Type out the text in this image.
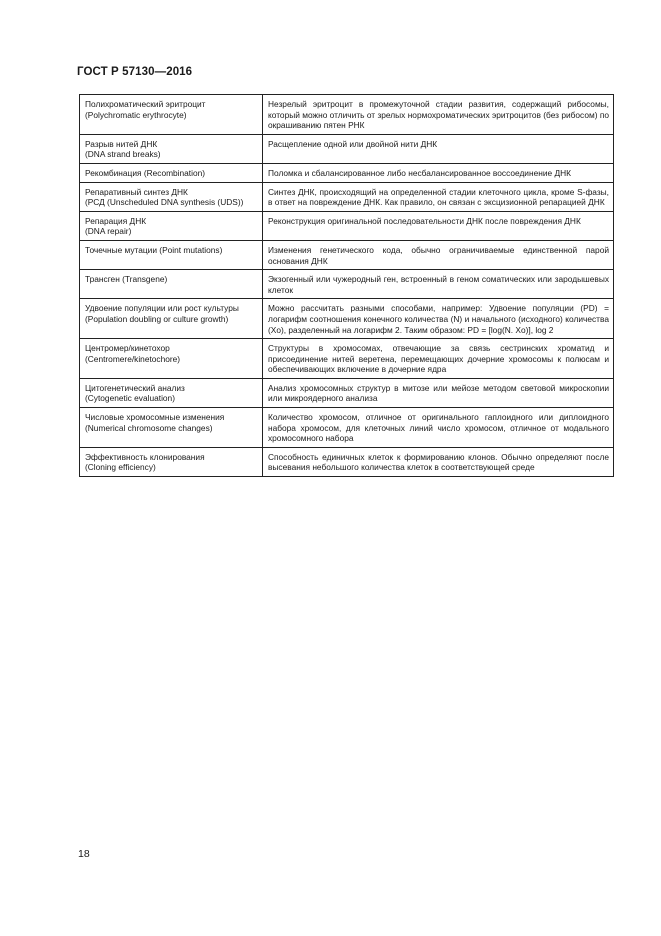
ГОСТ Р 57130—2016
Полихроматический эритроцит
(Polychromatic erythrocyte)	Незрелый эритроцит в промежуточной стадии развития, содержащий рибосомы, который можно отличить от зрелых нормохроматических эритроцитов (без рибосом) по окрашиванию пятен РНК

Разрыв нитей ДНК
(DNA strand breaks)	Расщепление одной или двойной нити ДНК

Рекомбинация (Recombination)	Поломка и сбалансированное либо несбалансированное воссоединение ДНК

Репаративный синтез ДНК
(РСД (Unscheduled DNA synthesis (UDS))	Синтез ДНК, происходящий на определенной стадии клеточного цикла, кроме S-фазы, в ответ на повреждение ДНК. Как правило, он связан с эксцизионной репарацией ДНК

Репарация ДНК
(DNA repair)	Реконструкция оригинальной последовательности ДНК после повреждения ДНК

Точечные мутации (Point mutations)	Изменения генетического кода, обычно ограничиваемые единственной парой основания ДНК

Трансген (Transgene)	Экзогенный или чужеродный ген, встроенный в геном соматических или зародышевых клеток

Удвоение популяции или рост культуры
(Population doubling or culture growth)	Можно рассчитать разными способами, например: Удвоение популяции (PD) = логарифм соотношения конечного количества (N) и начального (исходного) количества (Xo), разделенный на логарифм 2. Таким образом: PD = [log(N. Xo)], log 2

Центромер/кинетохор
(Centromere/kinetochore)	Структуры в хромосомах, отвечающие за связь сестринских хроматид и присоединение нитей веретена, перемещающих дочерние хромосомы к полюсам и обеспечивающих включение в дочерние ядра

Цитогенетический анализ
(Cytogenetic evaluation)	Анализ хромосомных структур в митозе или мейозе методом световой микроскопии или микроядерного анализа

Числовые хромосомные изменения
(Numerical chromosome changes)	Количество хромосом, отличное от оригинального гаплоидного или диплоидного набора хромосом, для клеточных линий число хромосом, отличное от модального хромосомного набора

Эффективность клонирования
(Cloning efficiency)	Способность единичных клеток к формированию клонов. Обычно определяют после высевания небольшого количества клеток в соответствующей среде
18
